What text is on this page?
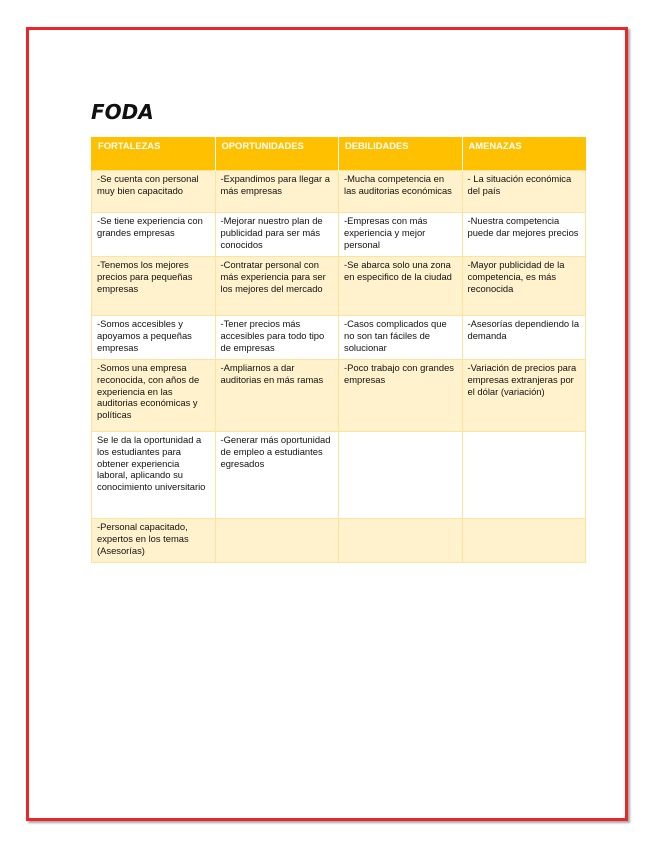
FODA
FORTALEZAS	OPORTUNIDADES	DEBILIDADES	AMENAZAS
-Se cuenta con personal muy bien capacitado	-Expandimos para llegar a más empresas	-Mucha competencia en las auditorias económicas	- La situación económica del país
-Se tiene experiencia con grandes empresas	-Mejorar nuestro plan de publicidad para ser más conocidos	-Empresas con más experiencia y mejor personal	-Nuestra competencia puede dar mejores precios
-Tenemos los mejores precios para pequeñas empresas	-Contratar personal con más experiencia para ser los mejores del mercado	-Se abarca solo una zona en especifico de la ciudad	-Mayor publicidad de la competencia, es más reconocida
-Somos accesibles y apoyamos a pequeñas empresas	-Tener precios más accesibles para todo tipo de empresas	-Casos complicados que no son tan fáciles de solucionar	-Asesorías dependiendo la demanda
-Somos una empresa reconocida, con años de experiencia en las auditorias económicas y políticas	-Ampliarnos a dar auditorias en más ramas	-Poco trabajo con grandes empresas	-Variación de precios para empresas extranjeras por el dólar (variación)
Se le da la oportunidad a los estudiantes para obtener experiencia laboral, aplicando su conocimiento universitario	-Generar más oportunidad de empleo a estudiantes egresados		
-Personal capacitado, expertos en los temas (Asesorías)			
